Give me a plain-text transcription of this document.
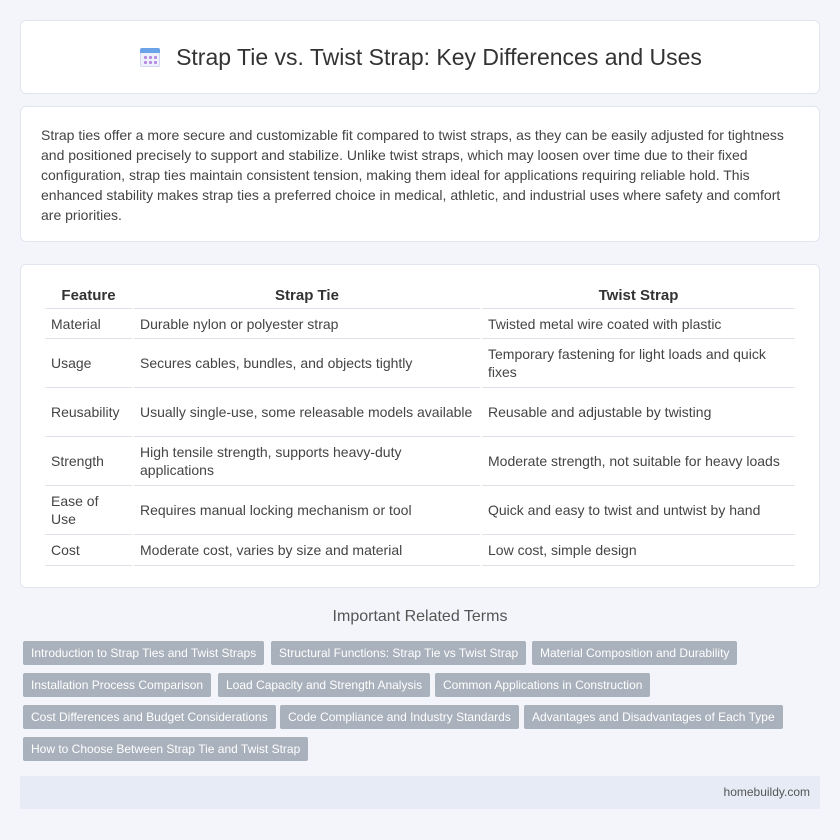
Strap Tie vs. Twist Strap: Key Differences and Uses

Strap ties offer a more secure and customizable fit compared to twist straps, as they can be easily adjusted for tightness and positioned precisely to support and stabilize. Unlike twist straps, which may loosen over time due to their fixed configuration, strap ties maintain consistent tension, making them ideal for applications requiring reliable hold. This enhanced stability makes strap ties a preferred choice in medical, athletic, and industrial uses where safety and comfort are priorities.

Feature	Strap Tie	Twist Strap
Material	Durable nylon or polyester strap	Twisted metal wire coated with plastic
Usage	Secures cables, bundles, and objects tightly	Temporary fastening for light loads and quick fixes
Reusability	Usually single-use, some releasable models available	Reusable and adjustable by twisting
Strength	High tensile strength, supports heavy-duty applications	Moderate strength, not suitable for heavy loads
Ease of Use	Requires manual locking mechanism or tool	Quick and easy to twist and untwist by hand
Cost	Moderate cost, varies by size and material	Low cost, simple design
Important Related Terms
Introduction to Strap Ties and Twist Straps	Structural Functions: Strap Tie vs Twist Strap	Material Composition and Durability
Installation Process Comparison	Load Capacity and Strength Analysis	Common Applications in Construction
Cost Differences and Budget Considerations	Code Compliance and Industry Standards	Advantages and Disadvantages of Each Type
How to Choose Between Strap Tie and Twist Strap
homebuildy.com
